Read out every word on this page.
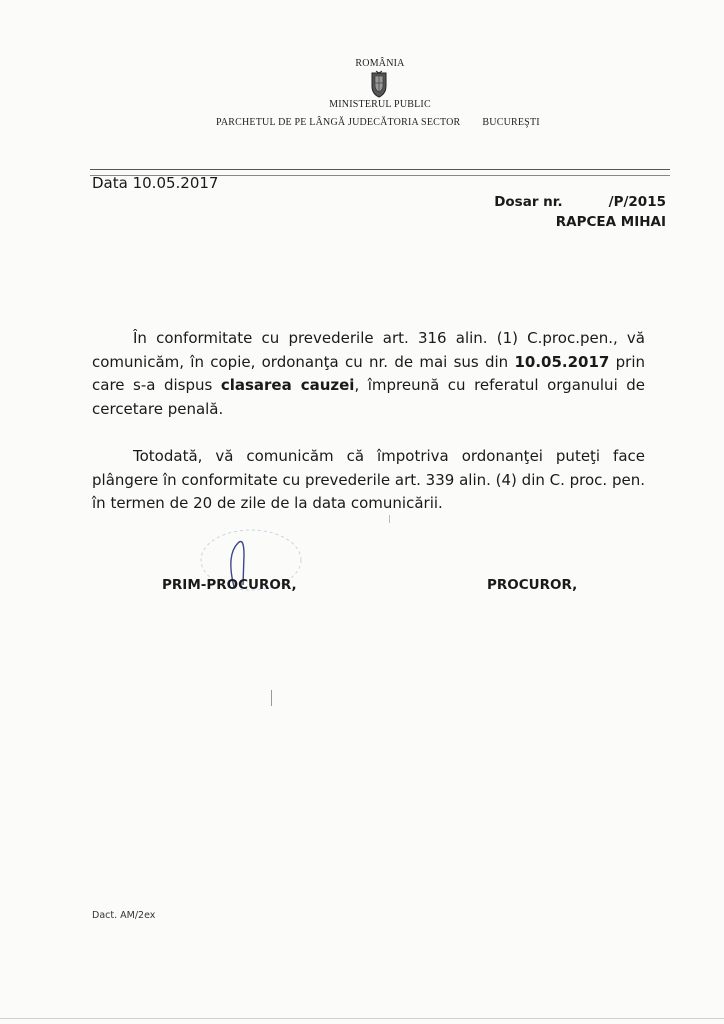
ROMÂNIA
MINISTERUL PUBLIC
PARCHETUL DE PE LÂNGĂ JUDECĂTORIA SECTOR BUCUREŞTI
Data 10.05.2017
Dosar nr.	/P/2015
RAPCEA MIHAI

În conformitate cu prevederile art. 316 alin. (1) C.proc.pen., vă comunicăm, în copie, ordonanţa cu nr. de mai sus din 10.05.2017 prin care s-a dispus clasarea cauzei, împreună cu referatul organului de cercetare penală.

Totodată, vă comunicăm că împotriva ordonanţei puteţi face plângere în conformitate cu prevederile art. 339 alin. (4) din C. proc. pen. în termen de 20 de zile de la data comunicării.

PRIM-PROCUROR,	PROCUROR,
Dact. AM/2ex
